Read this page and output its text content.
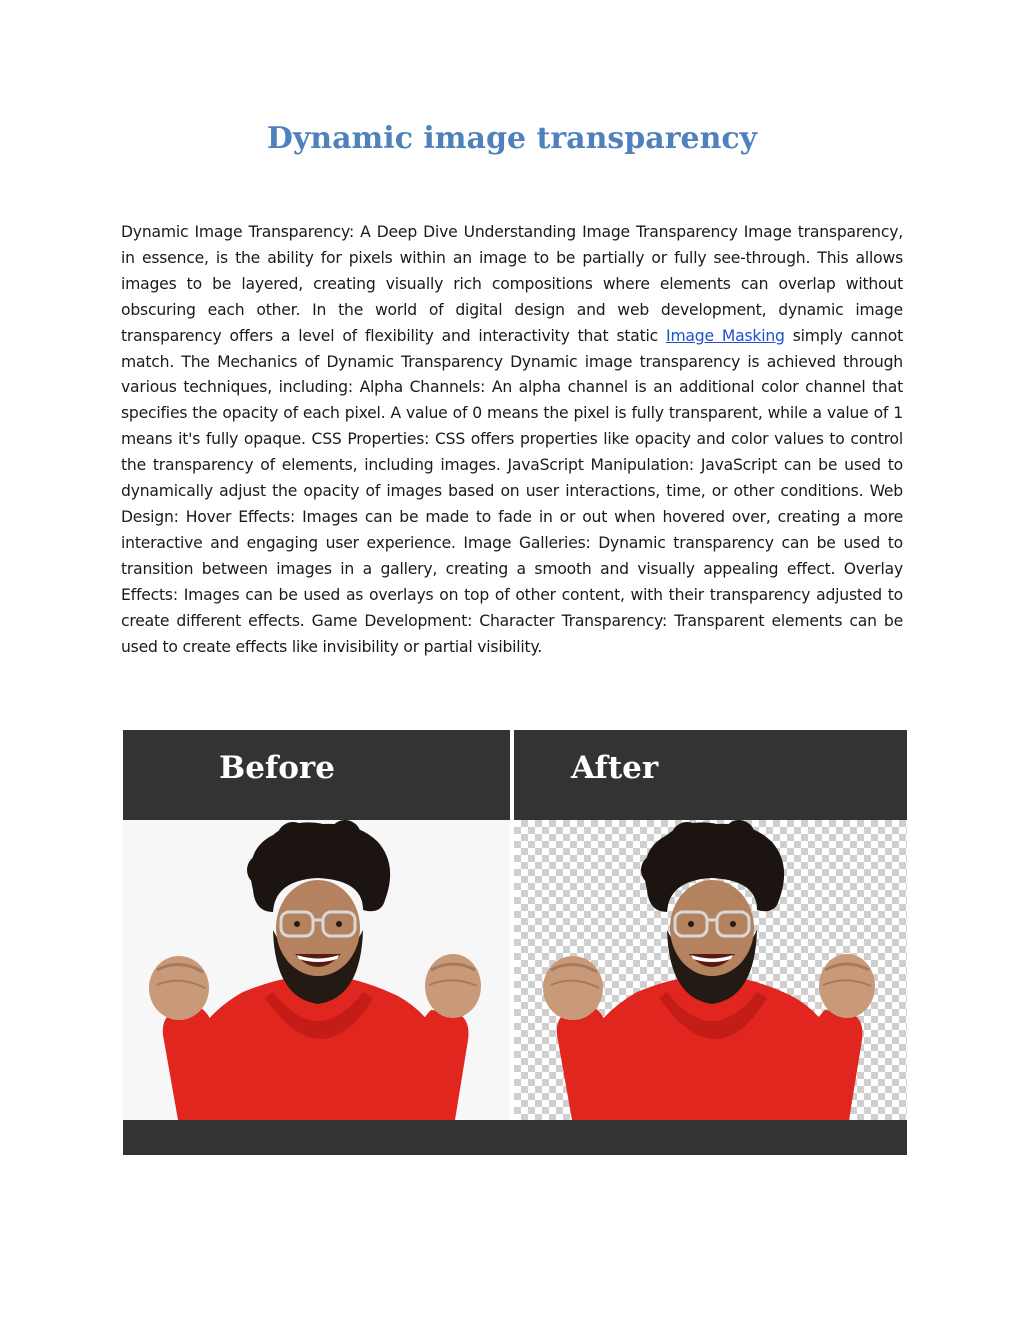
Dynamic image transparency

Dynamic Image Transparency: A Deep Dive Understanding Image Transparency Image transparency, in essence, is the ability for pixels within an image to be partially or fully see-through. This allows images to be layered, creating visually rich compositions where elements can overlap without obscuring each other. In the world of digital design and web development, dynamic image transparency offers a level of flexibility and interactivity that static Image Masking simply cannot match. The Mechanics of Dynamic Transparency Dynamic image transparency is achieved through various techniques, including: Alpha Channels: An alpha channel is an additional color channel that specifies the opacity of each pixel. A value of 0 means the pixel is fully transparent, while a value of 1 means it's fully opaque. CSS Properties: CSS offers properties like opacity and color values to control the transparency of elements, including images. JavaScript Manipulation: JavaScript can be used to dynamically adjust the opacity of images based on user interactions, time, or other conditions. Web Design: Hover Effects: Images can be made to fade in or out when hovered over, creating a more interactive and engaging user experience. Image Galleries: Dynamic transparency can be used to transition between images in a gallery, creating a smooth and visually appealing effect. Overlay Effects: Images can be used as overlays on top of other content, with their transparency adjusted to create different effects. Game Development: Character Transparency: Transparent elements can be used to create effects like invisibility or partial visibility.

Before	After
